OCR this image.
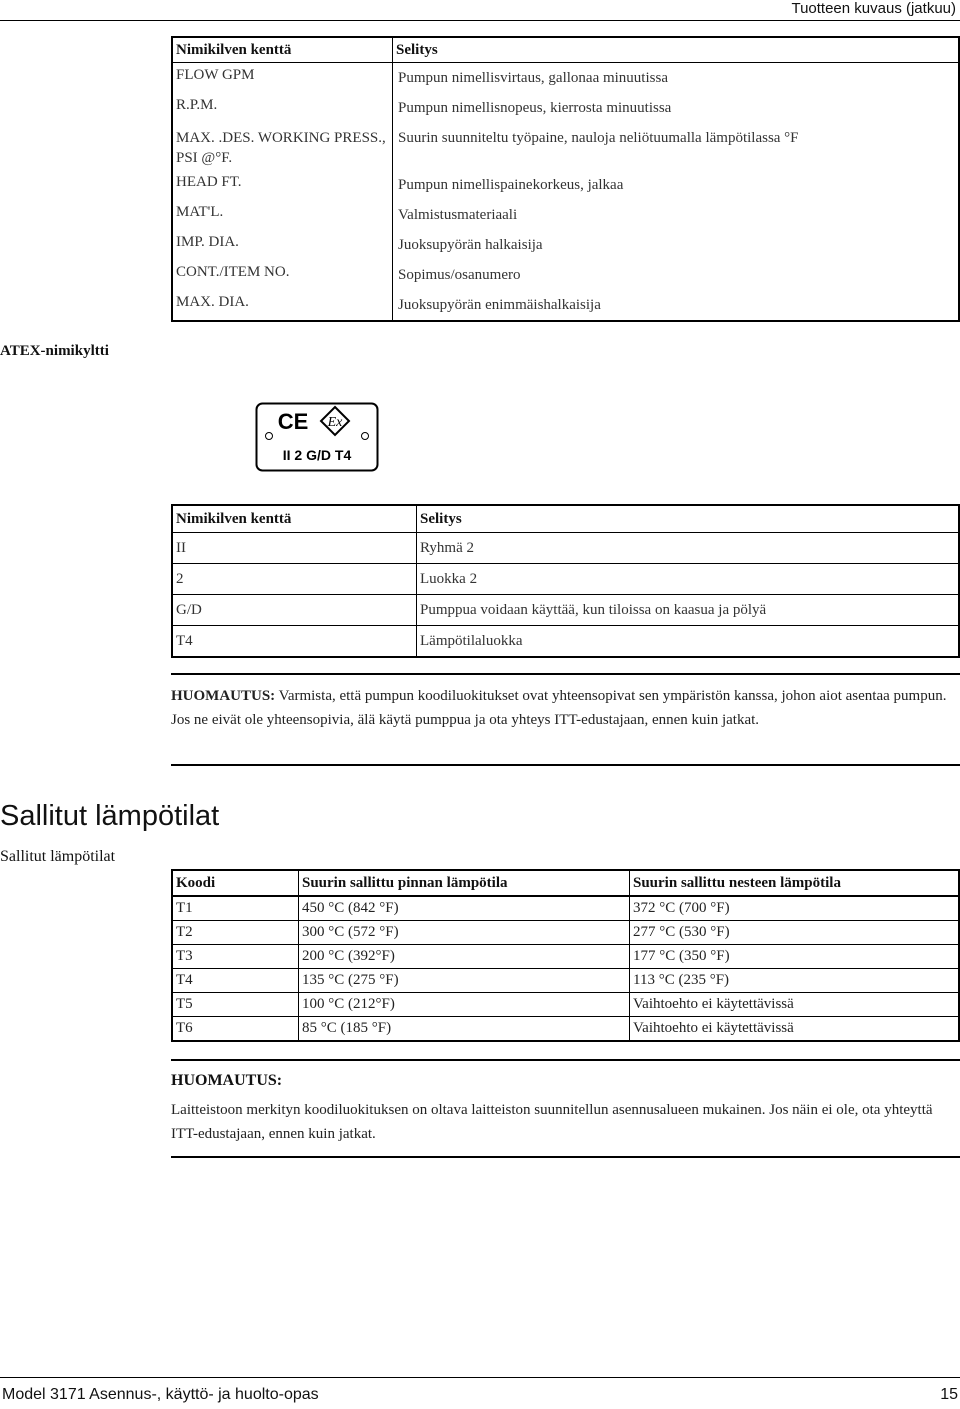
Tuotteen kuvaus (jatkuu)
Nimikilven kenttä	Selitys
FLOW GPM	Pumpun nimellisvirtaus, gallonaa minuutissa
R.P.M.	Pumpun nimellisnopeus, kierrosta minuutissa
MAX. .DES. WORKING PRESS., PSI @°F.	Suurin suunniteltu työpaine, nauloja neliötuumalla lämpötilassa °F
HEAD FT.	Pumpun nimellispainekorkeus, jalkaa
MAT'L.	Valmistusmateriaali
IMP. DIA.	Juoksupyörän halkaisija
CONT./ITEM NO.	Sopimus/osanumero
MAX. DIA.	Juoksupyörän enimmäishalkaisija
ATEX-nimikyltti
CE Ex
II 2 G/D T4
Nimikilven kenttä	Selitys
II	Ryhmä 2
2	Luokka 2
G/D	Pumppua voidaan käyttää, kun tiloissa on kaasua ja pölyä
T4	Lämpötilaluokka
HUOMAUTUS: Varmista, että pumpun koodiluokitukset ovat yhteensopivat sen ympäristön kanssa, johon aiot asentaa pumpun. Jos ne eivät ole yhteensopivia, älä käytä pumppua ja ota yhteys ITT-edustajaan, ennen kuin jatkat.
Sallitut lämpötilat
Sallitut lämpötilat
Koodi	Suurin sallittu pinnan lämpötila	Suurin sallittu nesteen lämpötila
T1	450 °C (842 °F)	372 °C (700 °F)
T2	300 °C (572 °F)	277 °C (530 °F)
T3	200 °C (392°F)	177 °C (350 °F)
T4	135 °C (275 °F)	113 °C (235 °F)
T5	100 °C (212°F)	Vaihtoehto ei käytettävissä
T6	85 °C (185 °F)	Vaihtoehto ei käytettävissä
HUOMAUTUS:
Laitteistoon merkityn koodiluokituksen on oltava laitteiston suunnitellun asennusalueen mukainen. Jos näin ei ole, ota yhteyttä ITT-edustajaan, ennen kuin jatkat.
Model 3171 Asennus-, käyttö- ja huolto-opas	15
